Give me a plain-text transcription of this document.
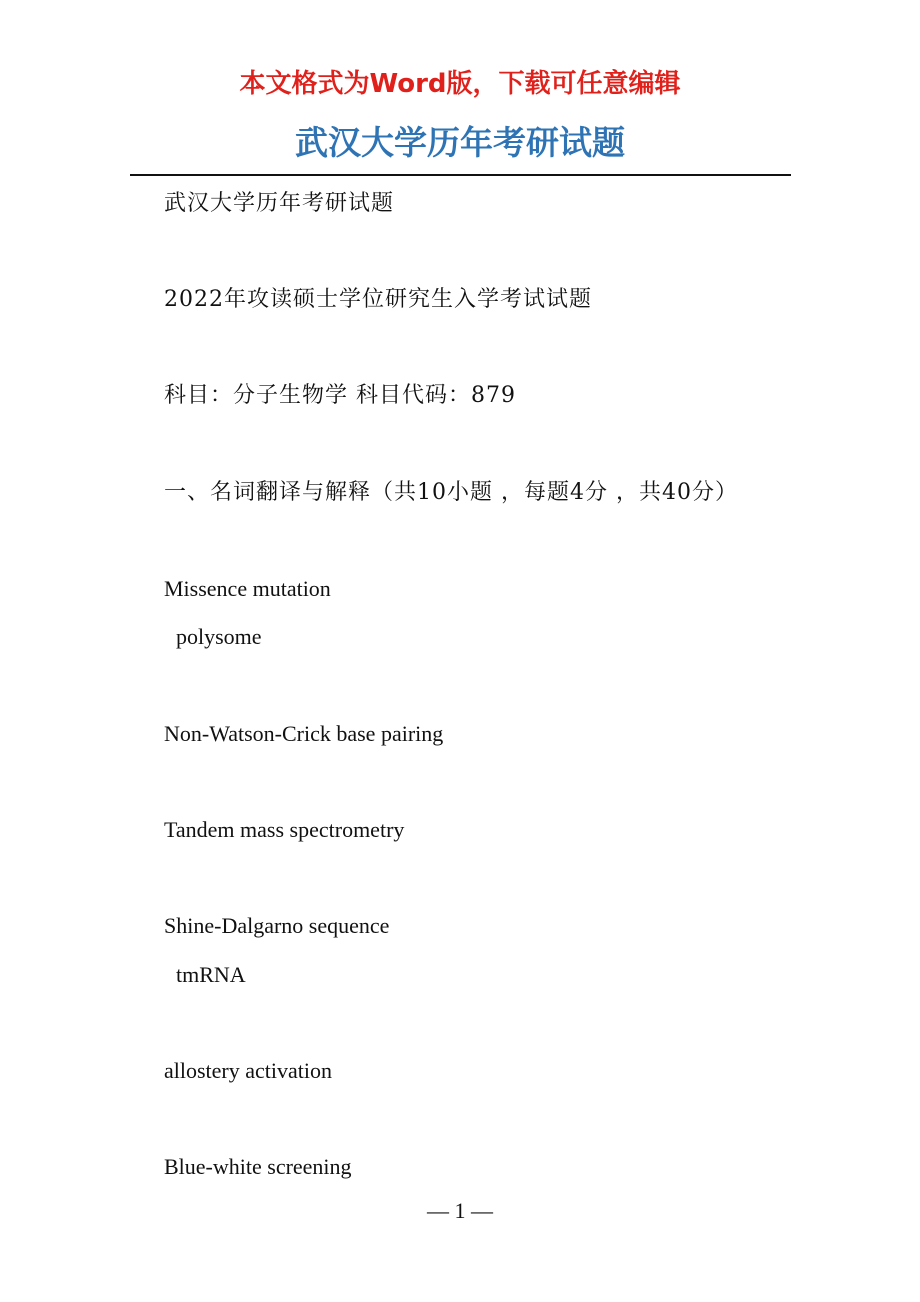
本文格式为Word版，下载可任意编辑
武汉大学历年考研试题
武汉大学历年考研试题
2022年攻读硕士学位研究生入学考试试题
科目：分子生物学 科目代码：879
一、名词翻译与解释（共10小题 ，每题4分 ，共40分）
Missence mutation
polysome
Non-Watson-Crick base pairing
Tandem mass spectrometry
Shine-Dalgarno sequence
tmRNA
allostery activation
Blue-white screening
— 1 —
